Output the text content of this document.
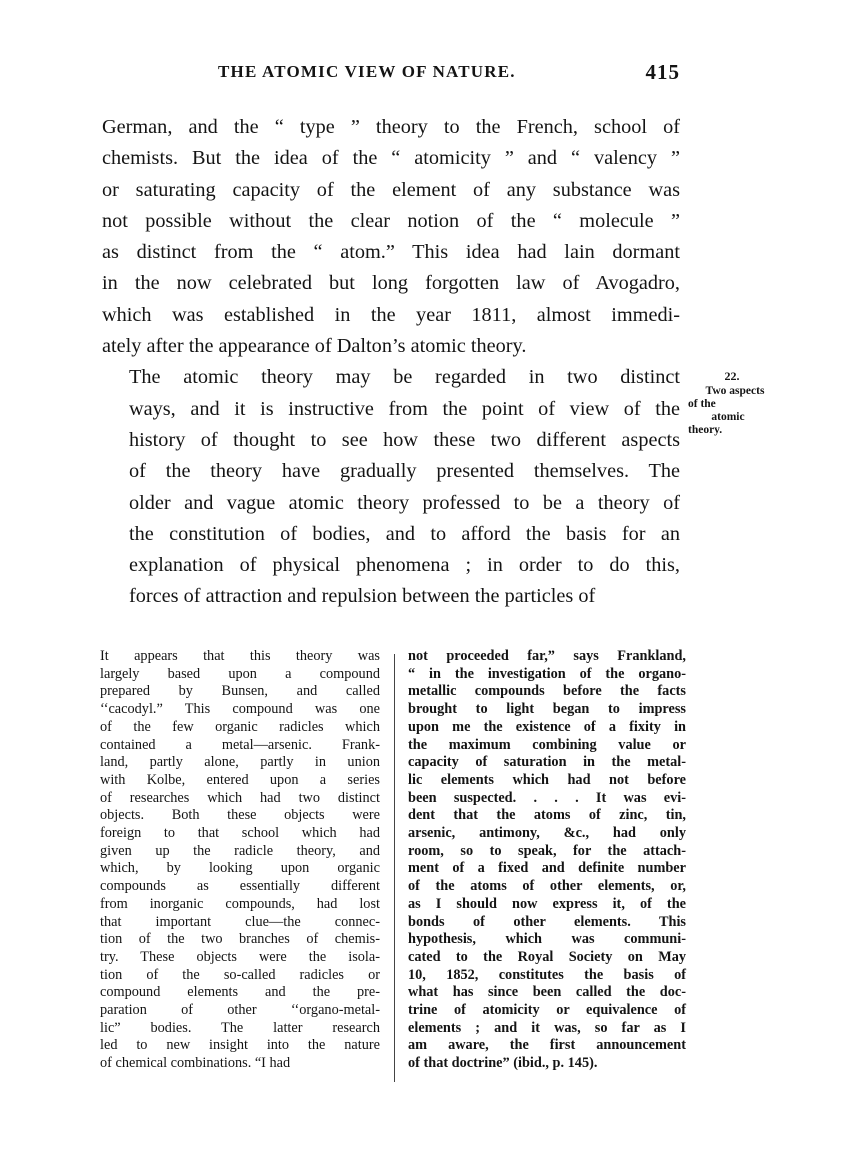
THE ATOMIC VIEW OF NATURE.	415
German, and the “ type ” theory to the French, school of
chemists. But the idea of the “ atomicity ” and “ valency ”
or saturating capacity of the element of any substance was
not possible without the clear notion of the “ molecule ”
as distinct from the “ atom.” This idea had lain dormant
in the now celebrated but long forgotten law of Avogadro,
which was established in the year 1811, almost immedi-
ately after the appearance of Dalton’s atomic theory.
The atomic theory may be regarded in two distinct
ways, and it is instructive from the point of view of the
history of thought to see how these two different aspects
of the theory have gradually presented themselves. The
older and vague atomic theory professed to be a theory of
the constitution of bodies, and to afford the basis for an
explanation of physical phenomena ; in order to do this,
forces of attraction and repulsion between the particles of
22.
Two aspects
of the
atomic
theory.
It appears that this theory was
largely based upon a compound
prepared by Bunsen, and called
‘‘cacodyl.” This compound was one
of the few organic radicles which
contained a metal—arsenic. Frank-
land, partly alone, partly in union
with Kolbe, entered upon a series
of researches which had two distinct
objects. Both these objects were
foreign to that school which had
given up the radicle theory, and
which, by looking upon organic
compounds as essentially different
from inorganic compounds, had lost
that important clue—the connec-
tion of the two branches of chemis-
try. These objects were the isola-
tion of the so-called radicles or
compound elements and the pre-
paration of other ‘‘organo-metal-
lic” bodies. The latter research
led to new insight into the nature
of chemical combinations. “I had
not proceeded far,” says Frankland,
“ in the investigation of the organo-
metallic compounds before the facts
brought to light began to impress
upon me the existence of a fixity in
the maximum combining value or
capacity of saturation in the metal-
lic elements which had not before
been suspected. . . . It was evi-
dent that the atoms of zinc, tin,
arsenic, antimony, &c., had only
room, so to speak, for the attach-
ment of a fixed and definite number
of the atoms of other elements, or,
as I should now express it, of the
bonds of other elements. This
hypothesis, which was communi-
cated to the Royal Society on May
10, 1852, constitutes the basis of
what has since been called the doc-
trine of atomicity or equivalence of
elements ; and it was, so far as I
am aware, the first announcement
of that doctrine” (ibid., p. 145).
